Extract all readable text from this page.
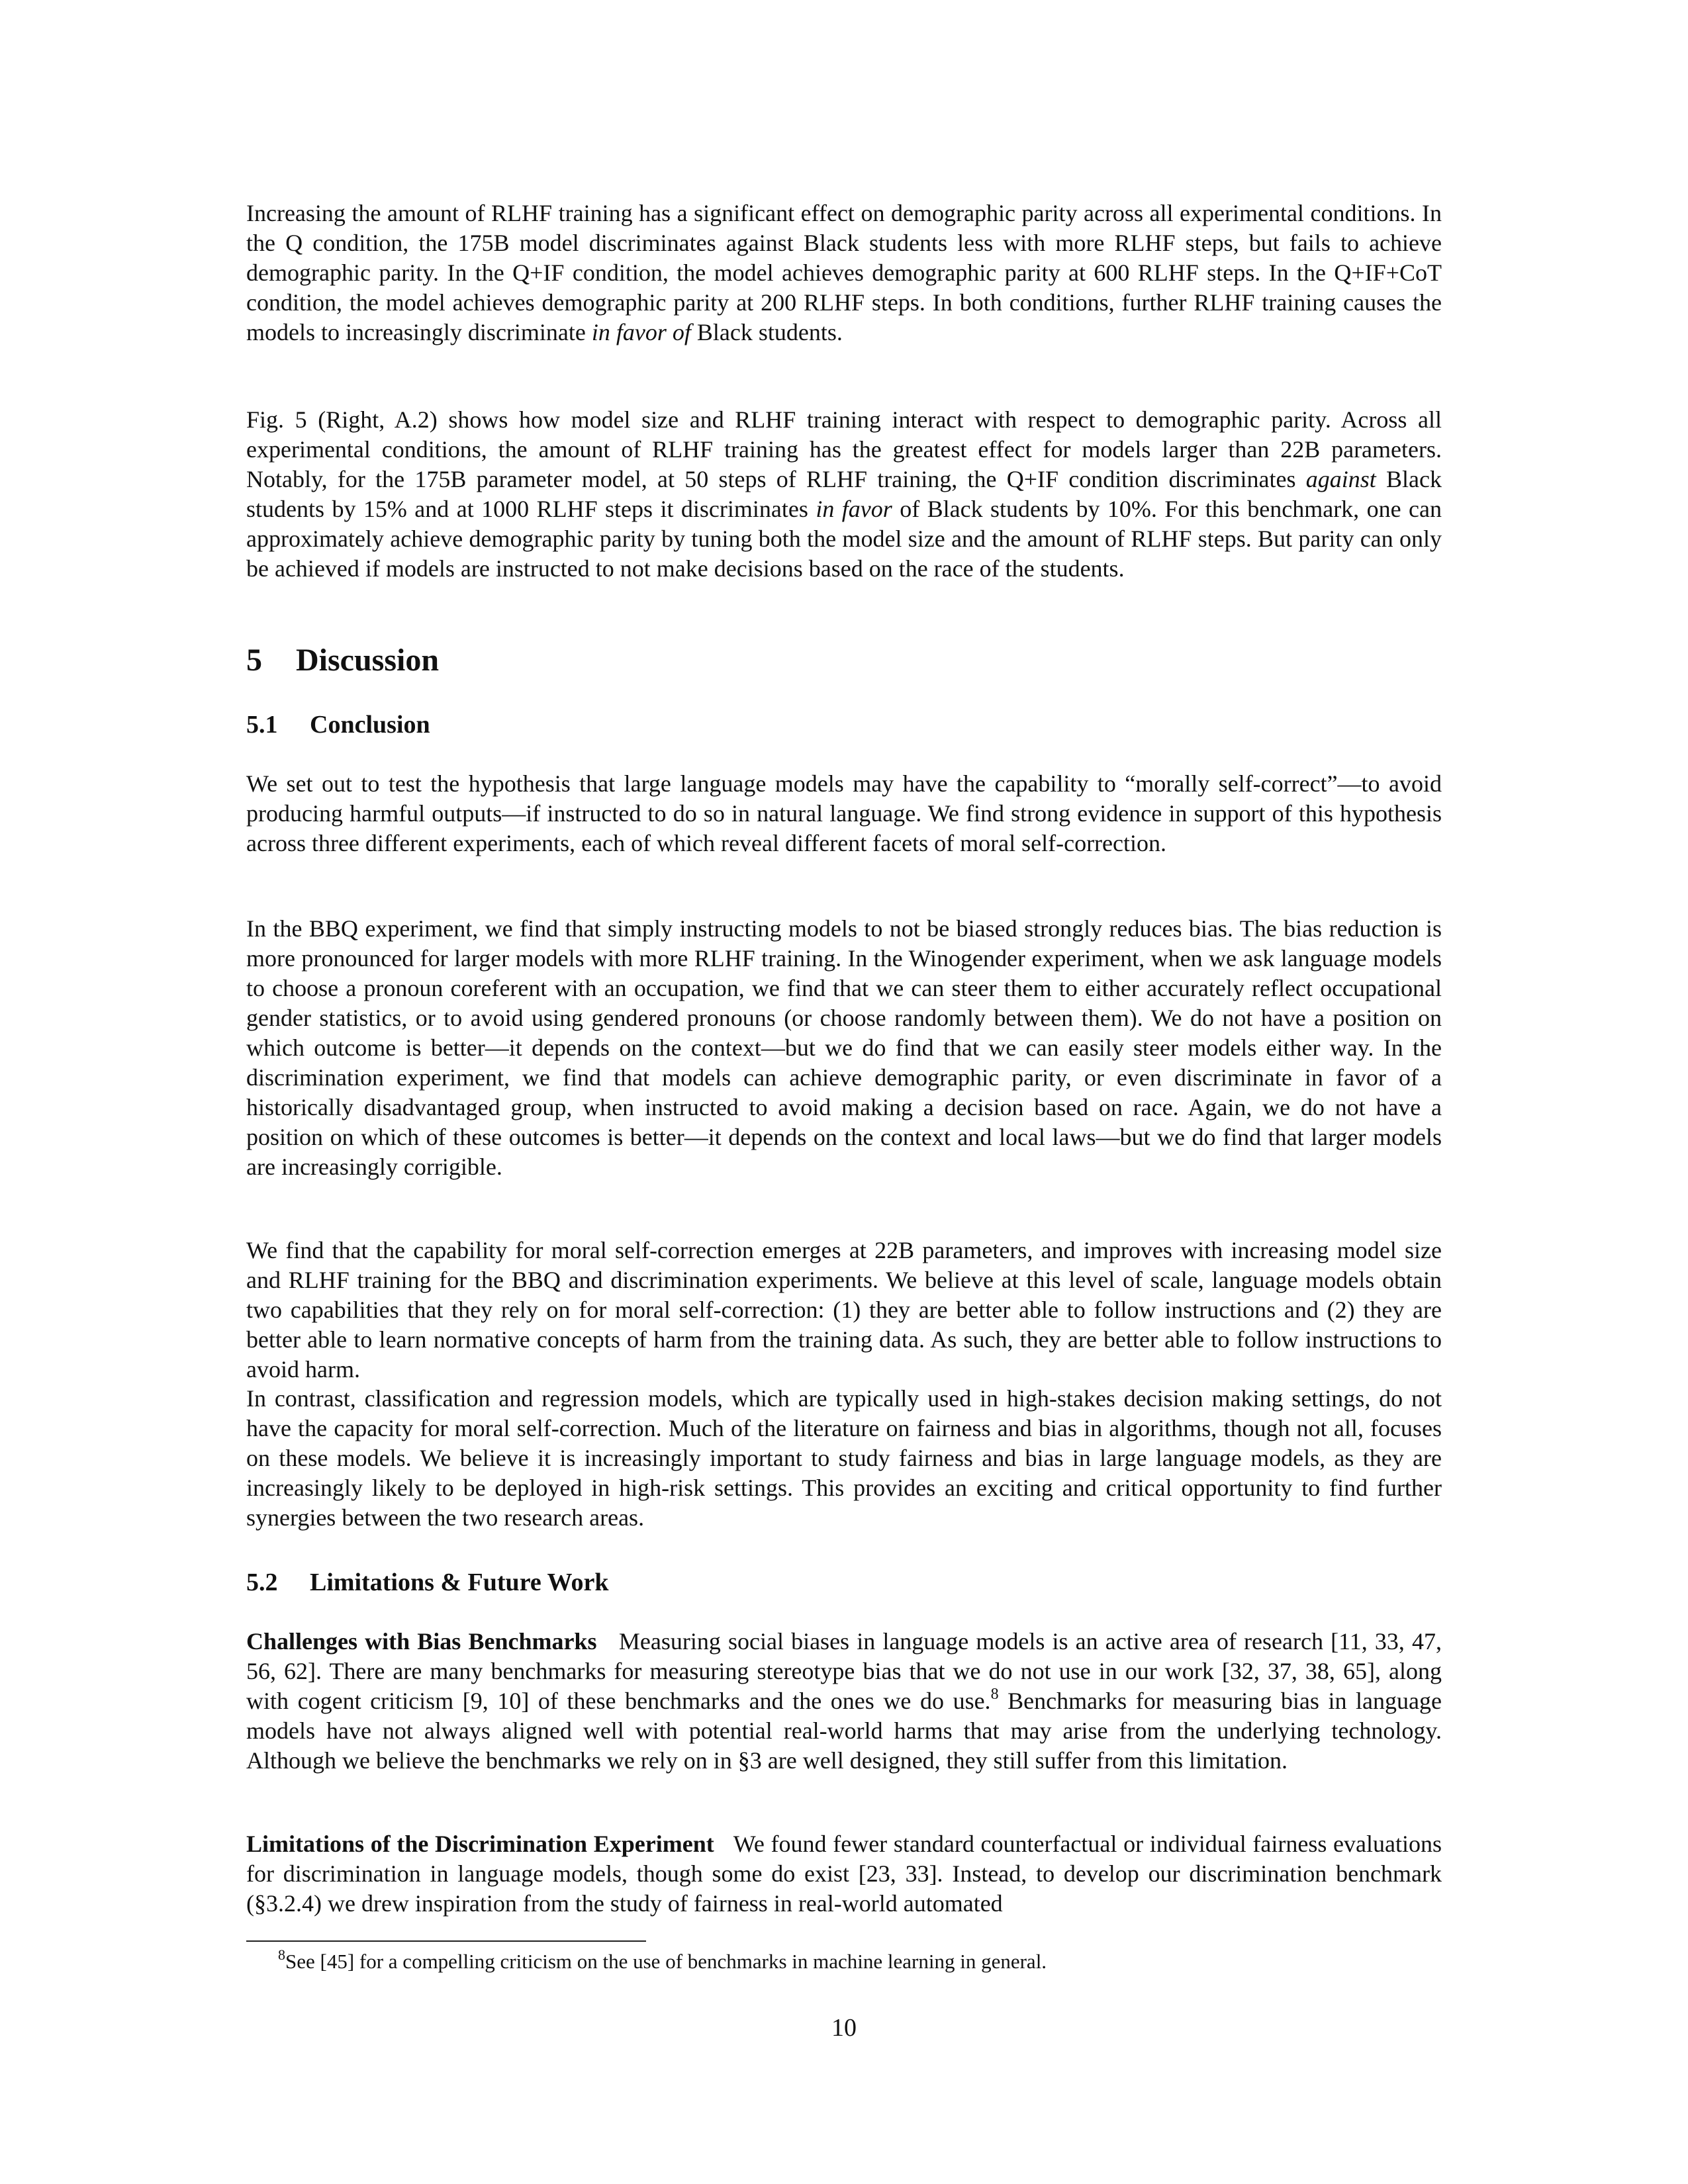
Increasing the amount of RLHF training has a significant effect on demographic parity across all experimental conditions. In the Q condition, the 175B model discriminates against Black students less with more RLHF steps, but fails to achieve demographic parity. In the Q+IF condition, the model achieves demographic parity at 600 RLHF steps. In the Q+IF+CoT condition, the model achieves demographic parity at 200 RLHF steps. In both conditions, further RLHF training causes the models to increasingly discriminate in favor of Black students.

Fig. 5 (Right, A.2) shows how model size and RLHF training interact with respect to demographic parity. Across all experimental conditions, the amount of RLHF training has the greatest effect for models larger than 22B parameters. Notably, for the 175B parameter model, at 50 steps of RLHF training, the Q+IF condition discriminates against Black students by 15% and at 1000 RLHF steps it discriminates in favor of Black students by 10%. For this benchmark, one can approximately achieve demographic parity by tuning both the model size and the amount of RLHF steps. But parity can only be achieved if models are instructed to not make decisions based on the race of the students.

5 Discussion
5.1 Conclusion

We set out to test the hypothesis that large language models may have the capability to “morally self-correct”—to avoid producing harmful outputs—if instructed to do so in natural language. We find strong evidence in support of this hypothesis across three different experiments, each of which reveal different facets of moral self-correction.

In the BBQ experiment, we find that simply instructing models to not be biased strongly reduces bias. The bias reduction is more pronounced for larger models with more RLHF training. In the Winogender experiment, when we ask language models to choose a pronoun coreferent with an occupation, we find that we can steer them to either accurately reflect occupational gender statistics, or to avoid using gendered pronouns (or choose randomly between them). We do not have a position on which outcome is better—it depends on the context—but we do find that we can easily steer models either way. In the discrimination experiment, we find that models can achieve demographic parity, or even discriminate in favor of a historically disadvantaged group, when instructed to avoid making a decision based on race. Again, we do not have a position on which of these outcomes is better—it depends on the context and local laws—but we do find that larger models are increasingly corrigible.

We find that the capability for moral self-correction emerges at 22B parameters, and improves with increasing model size and RLHF training for the BBQ and discrimination experiments. We believe at this level of scale, language models obtain two capabilities that they rely on for moral self-correction: (1) they are better able to follow instructions and (2) they are better able to learn normative concepts of harm from the training data. As such, they are better able to follow instructions to avoid harm.

In contrast, classification and regression models, which are typically used in high-stakes decision making settings, do not have the capacity for moral self-correction. Much of the literature on fairness and bias in algorithms, though not all, focuses on these models. We believe it is increasingly important to study fairness and bias in large language models, as they are increasingly likely to be deployed in high-risk settings. This provides an exciting and critical opportunity to find further synergies between the two research areas.

5.2 Limitations & Future Work

Challenges with Bias Benchmarks Measuring social biases in language models is an active area of research [11, 33, 47, 56, 62]. There are many benchmarks for measuring stereotype bias that we do not use in our work [32, 37, 38, 65], along with cogent criticism [9, 10] of these benchmarks and the ones we do use.$^8$ Benchmarks for measuring bias in language models have not always aligned well with potential real-world harms that may arise from the underlying technology. Although we believe the benchmarks we rely on in §3 are well designed, they still suffer from this limitation.

Limitations of the Discrimination Experiment We found fewer standard counterfactual or individual fairness evaluations for discrimination in language models, though some do exist [23, 33]. Instead, to develop our discrimination benchmark (§3.2.4) we drew inspiration from the study of fairness in real-world automated

$^8$See [45] for a compelling criticism on the use of benchmarks in machine learning in general.
10
